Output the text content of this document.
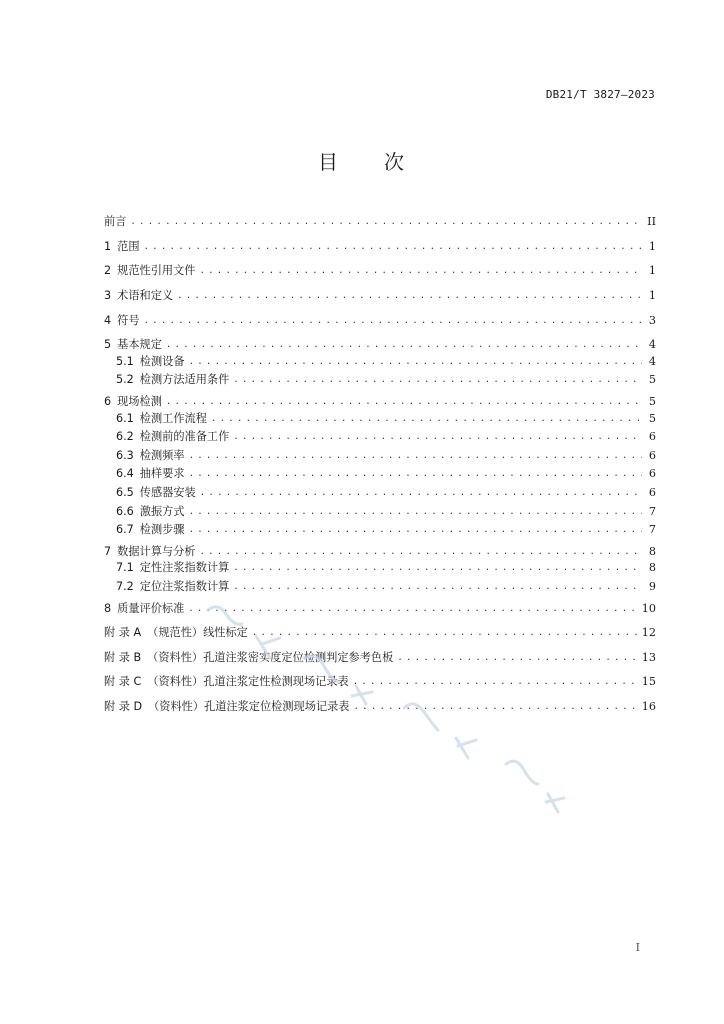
DB21/T 3827—2023
目 次
前言 .....	II
1 范围 .....	1
2 规范性引用文件 .....	1
3 术语和定义 .....	1
4 符号 .....	3
5 基本规定 .....	4
5.1 检测设备 .....	4
5.2 检测方法适用条件 .....	5
6 现场检测 .....	5
6.1 检测工作流程 .....	5
6.2 检测前的准备工作 .....	6
6.3 检测频率 .....	6
6.4 抽样要求 .....	6
6.5 传感器安装 .....	6
6.6 激振方式 .....	7
6.7 检测步骤 .....	7
7 数据计算与分析 .....	8
7.1 定性注浆指数计算 .....	8
7.2 定位注浆指数计算 .....	9
8 质量评价标准 .....	10
附 录 A （规范性）线性标定 .....	12
附 录 B （资料性）孔道注浆密实度定位检测判定参考色板 .....	13
附 录 C （资料性）孔道注浆定性检测现场记录表 .....	15
附 录 D （资料性）孔道注浆定位检测现场记录表 .....	16
I
